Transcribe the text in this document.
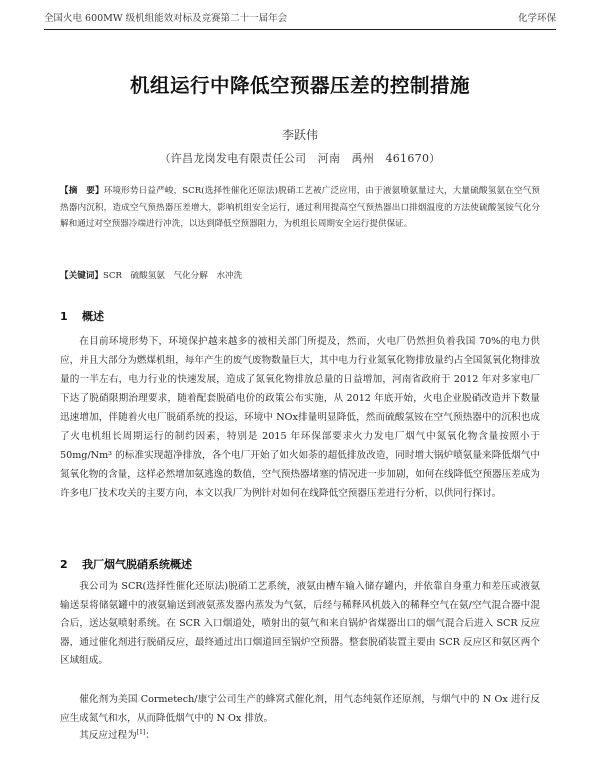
全国火电 600MW 级机组能效对标及竞赛第二十一届年会	化学环保
机组运行中降低空预器压差的控制措施
李跃伟
（许昌龙岗发电有限责任公司　河南　禹州　461670）
【摘　要】环境形势日益严峻，SCR(选择性催化还原法)脱硝工艺被广泛应用，由于液氨喷氨量过大，大量硫酸氢氨在空气预热器内沉积，造成空气预热器压差增大，影响机组安全运行，通过利用提高空气预热器出口排烟温度的方法使硫酸氢铵气化分解和通过对空预器冷端进行冲洗，以达到降低空预器阻力，为机组长周期安全运行提供保证。
【关键词】SCR　硫酸氢氨　气化分解　水冲洗
1 概述
在目前环境形势下，环境保护越来越多的被相关部门所提及，然而，火电厂仍然担负着我国 70%的电力供应，并且大部分为燃煤机组，每年产生的废气废物数量巨大，其中电力行业氮氧化物排放量约占全国氮氧化物排放量的一半左右，电力行业的快速发展，造成了氮氧化物排放总量的日益增加，河南省政府于 2012 年对多家电厂下达了脱硝限期治理要求，随着配套脱硝电价的政策公布实施，从 2012 年底开始，火电企业脱硝改造并下数量迅速增加，伴随着火电厂脱硝系统的投运，环境中 NOx排量明显降低，然而硫酸氢铵在空气预热器中的沉积也成了火电机组长周期运行的制约因素，特别是 2015 年环保部要求火力发电厂烟气中氮氧化物含量按照小于 50mg/Nm³ 的标准实现超净排放，各个电厂开始了如火如荼的超低排放改造，同时增大锅炉喷氨量来降低烟气中氮氧化物的含量，这样必然增加氨逃逸的数值，空气预热器堵塞的情况进一步加剧，如何在线降低空预器压差成为许多电厂技术攻关的主要方向，本文以我厂为例针对如何在线降低空预器压差进行分析，以供同行探讨。
2 我厂烟气脱硝系统概述
我公司为 SCR(选择性催化还原法)脱硝工艺系统，液氨由槽车输入储存罐内，并依靠自身重力和差压或液氨输送泵将储氨罐中的液氨输送到液氨蒸发器内蒸发为气氨，后经与稀释风机鼓入的稀释空气在氨/空气混合器中混合后，送达氨喷射系统。在 SCR 入口烟道处，喷射出的氨气和来自锅炉省煤器出口的烟气混合后进入 SCR 反应器，通过催化剂进行脱硝反应，最终通过出口烟道回至锅炉空预器。整套脱硝装置主要由 SCR 反应区和氨区两个区域组成。
催化剂为美国 Cormetech/康宁公司生产的蜂窝式催化剂，用气态纯氨作还原剂，与烟气中的 N Ox 进行反应生成氮气和水，从而降低烟气中的 N Ox 排放。
其反应过程为[1]：
